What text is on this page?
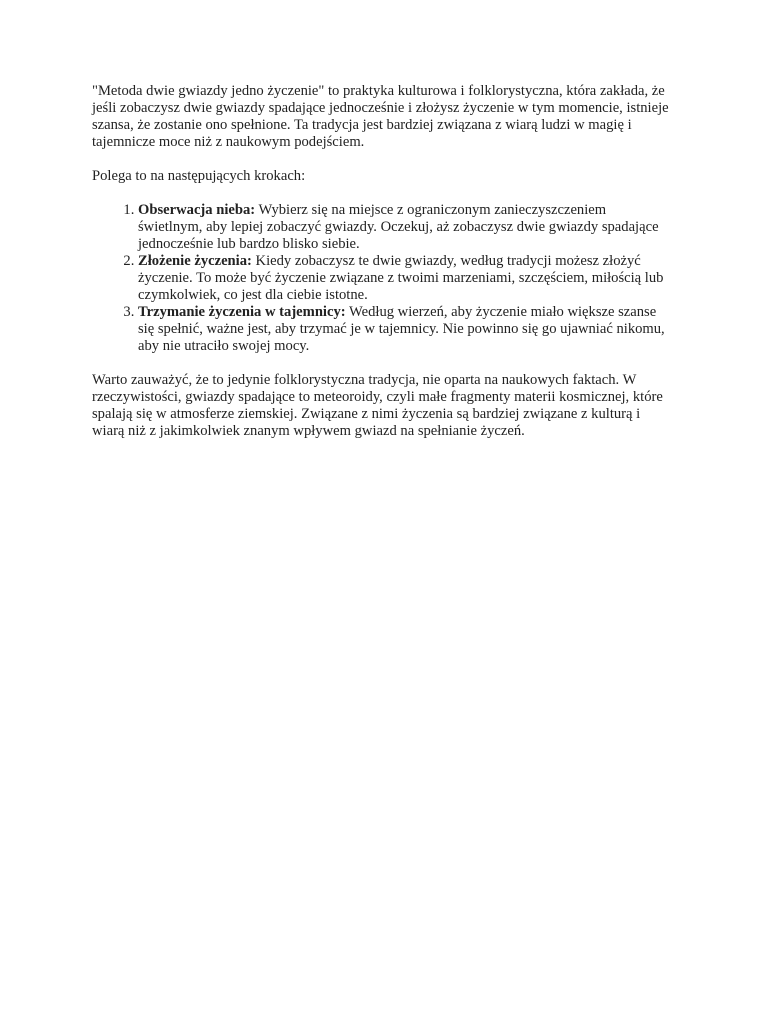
"Metoda dwie gwiazdy jedno życzenie" to praktyka kulturowa i folklorystyczna, która zakłada, że jeśli zobaczysz dwie gwiazdy spadające jednocześnie i złożysz życzenie w tym momencie, istnieje szansa, że zostanie ono spełnione. Ta tradycja jest bardziej związana z wiarą ludzi w magię i tajemnicze moce niż z naukowym podejściem.

Polega to na następujących krokach:

1. Obserwacja nieba: Wybierz się na miejsce z ograniczonym zanieczyszczeniem świetlnym, aby lepiej zobaczyć gwiazdy. Oczekuj, aż zobaczysz dwie gwiazdy spadające jednocześnie lub bardzo blisko siebie.
2. Złożenie życzenia: Kiedy zobaczysz te dwie gwiazdy, według tradycji możesz złożyć życzenie. To może być życzenie związane z twoimi marzeniami, szczęściem, miłością lub czymkolwiek, co jest dla ciebie istotne.
3. Trzymanie życzenia w tajemnicy: Według wierzeń, aby życzenie miało większe szanse się spełnić, ważne jest, aby trzymać je w tajemnicy. Nie powinno się go ujawniać nikomu, aby nie utraciło swojej mocy.

Warto zauważyć, że to jedynie folklorystyczna tradycja, nie oparta na naukowych faktach. W rzeczywistości, gwiazdy spadające to meteoroidy, czyli małe fragmenty materii kosmicznej, które spalają się w atmosferze ziemskiej. Związane z nimi życzenia są bardziej związane z kulturą i wiarą niż z jakimkolwiek znanym wpływem gwiazd na spełnianie życzeń.
